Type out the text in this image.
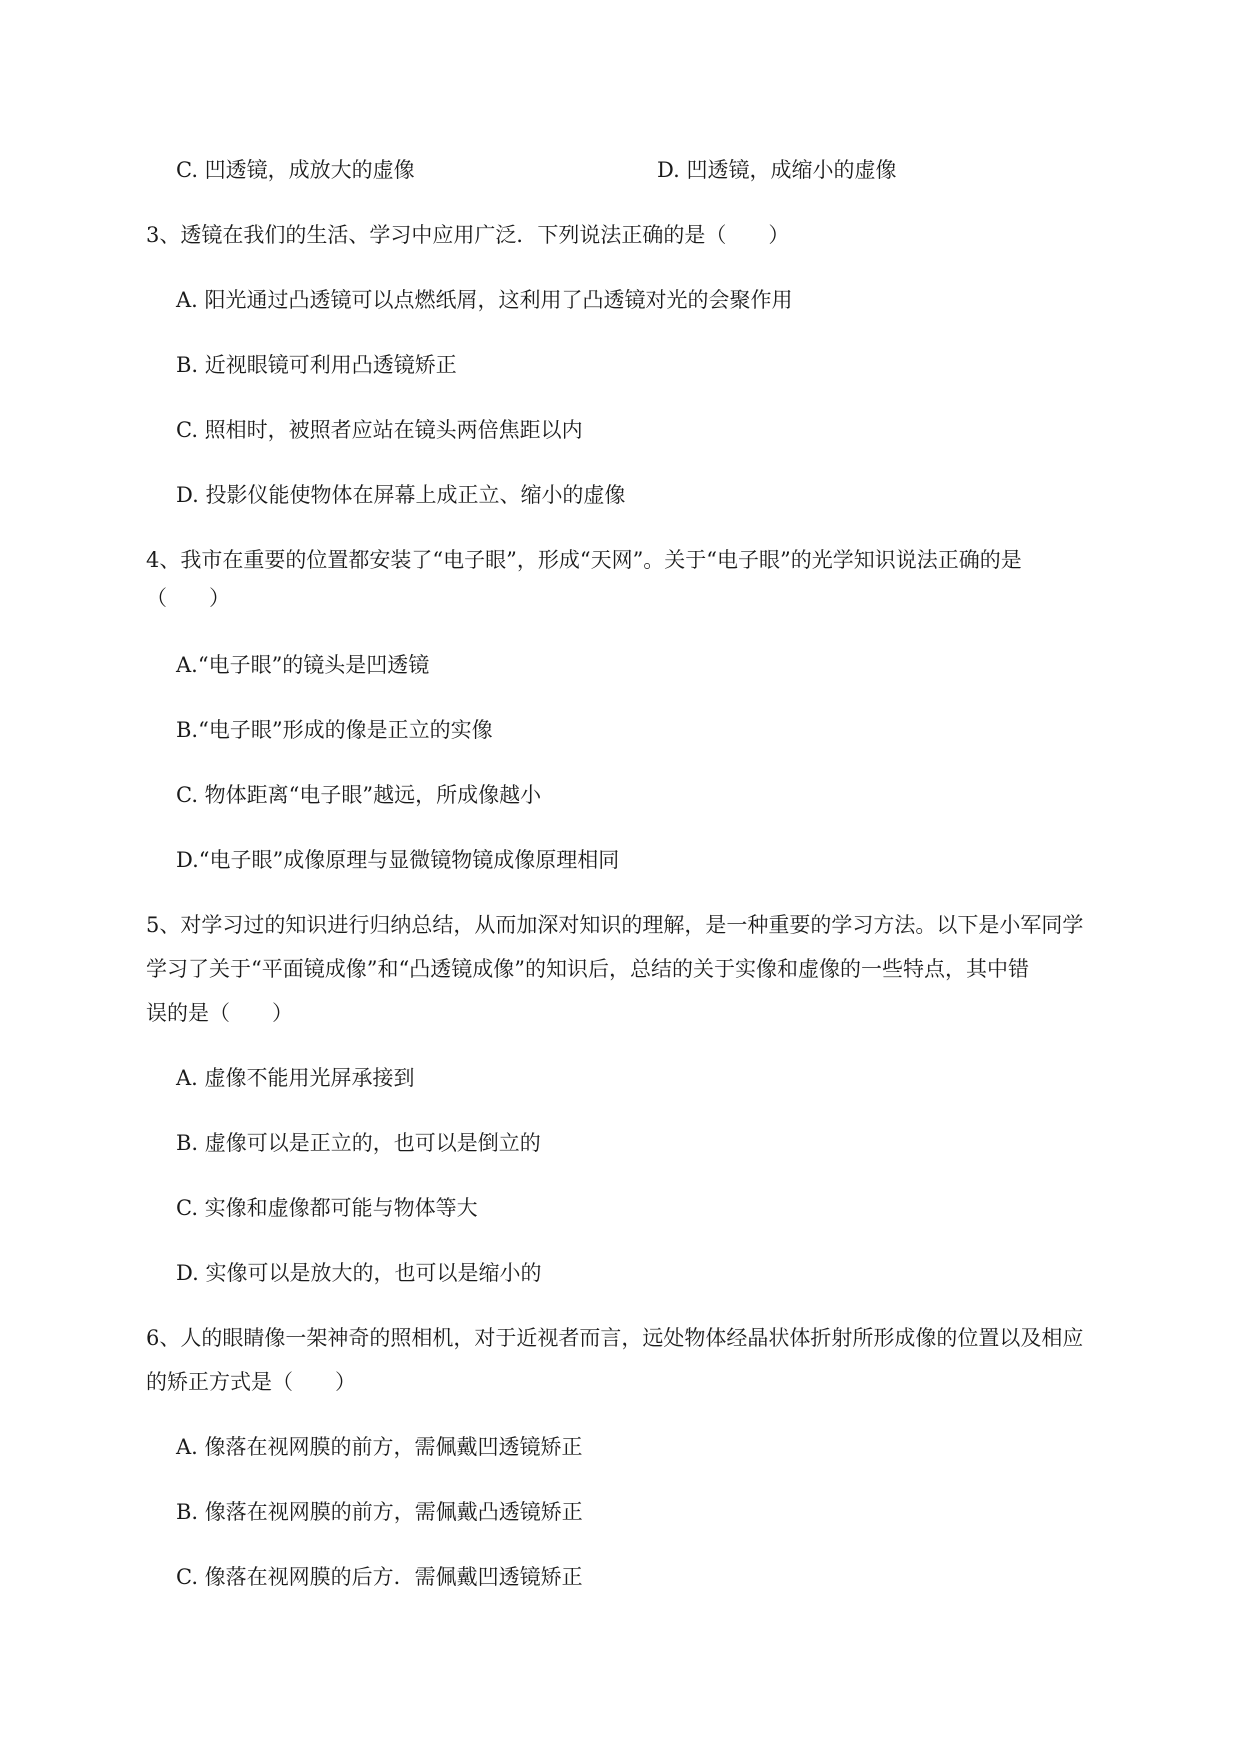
C. 凹透镜，成放大的虚像	D. 凹透镜，成缩小的虚像
3、透镜在我们的生活、学习中应用广泛．下列说法正确的是（　　）
A. 阳光通过凸透镜可以点燃纸屑，这利用了凸透镜对光的会聚作用
B. 近视眼镜可利用凸透镜矫正
C. 照相时，被照者应站在镜头两倍焦距以内
D. 投影仪能使物体在屏幕上成正立、缩小的虚像
4、我市在重要的位置都安装了“电子眼”，形成“天网”。关于“电子眼”的光学知识说法正确的是
（　　）
A.“电子眼”的镜头是凹透镜
B.“电子眼”形成的像是正立的实像
C. 物体距离“电子眼”越远，所成像越小
D.“电子眼”成像原理与显微镜物镜成像原理相同
5、对学习过的知识进行归纳总结，从而加深对知识的理解，是一种重要的学习方法。以下是小军同学
学习了关于“平面镜成像”和“凸透镜成像”的知识后，总结的关于实像和虚像的一些特点，其中错
误的是（　　）
A. 虚像不能用光屏承接到
B. 虚像可以是正立的，也可以是倒立的
C. 实像和虚像都可能与物体等大
D. 实像可以是放大的，也可以是缩小的
6、人的眼睛像一架神奇的照相机，对于近视者而言，远处物体经晶状体折射所形成像的位置以及相应
的矫正方式是（　　）
A. 像落在视网膜的前方，需佩戴凹透镜矫正
B. 像落在视网膜的前方，需佩戴凸透镜矫正
C. 像落在视网膜的后方．需佩戴凹透镜矫正
